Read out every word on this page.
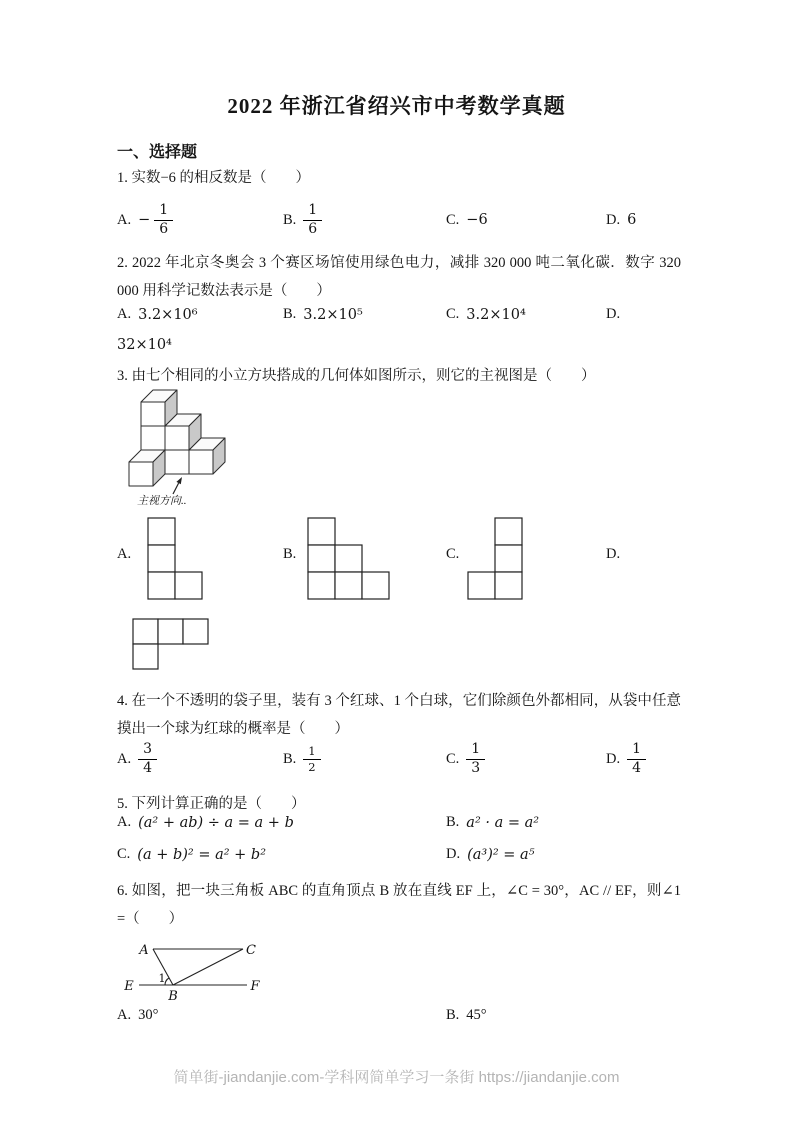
2022 年浙江省绍兴市中考数学真题
一、选择题
1. 实数−6 的相反数是（　　）
A. − $\frac{1}{6}$	B. $\frac{1}{6}$	C. −6	D. 6
2. 2022 年北京冬奥会 3 个赛区场馆使用绿色电力，减排 320 000 吨二氧化碳．数字 320 000 用科学记数法表示是（　　）
A. 3.2×10⁶	B. 3.2×10⁵	C. 3.2×10⁴	D.
32×10⁴
3. 由七个相同的小立方块搭成的几何体如图所示，则它的主视图是（　　）
主视方向..
A.	B.	C.	D.
4. 在一个不透明的袋子里，装有 3 个红球、1 个白球，它们除颜色外都相同，从袋中任意摸出一个球为红球的概率是（　　）
A. $\frac{3}{4}$	B. $\frac{1}{2}$	C. $\frac{1}{3}$	D. $\frac{1}{4}$
5. 下列计算正确的是（　　）
A. (a² + ab) ÷ a = a + b	B. a² · a = a²
C. (a + b)² = a² + b²	D. (a³)² = a⁵
6. 如图，把一块三角板 ABC 的直角顶点 B 放在直线 EF 上，∠C = 30°，AC // EF，则∠1 =（　　）
A	C
E	F
B
1
A. 30°	B. 45°
简单街-jiandanjie.com-学科网简单学习一条街 https://jiandanjie.com
